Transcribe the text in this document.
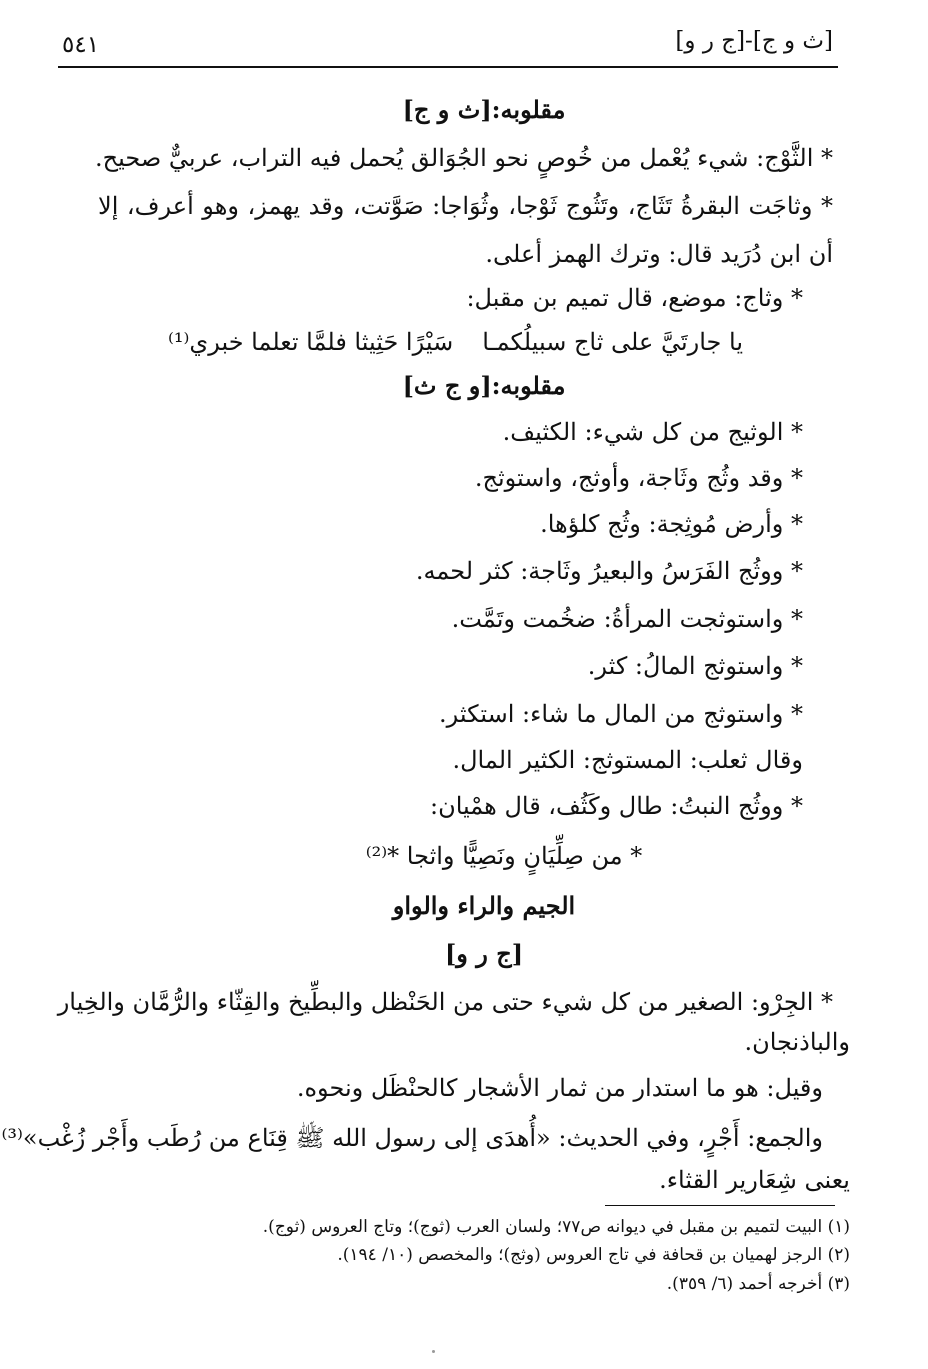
[ث و ج]-[ج ر و]
٥٤١
مقلوبه:[ث و ج]
* الثَّوْج: شيء يُعْمل من خُوصٍ نحو الجُوَالق يُحمل فيه التراب، عربيٌّ صحيح.
* وثاجَت البقرةُ تَثَاج، وتَثُوج ثَوْجا، وثُوَاجا: صَوَّتت، وقد يهمز، وهو أعرف، إلا
أن ابن دُرَيد قال: وترك الهمز أعلى.
* وثاج: موضع، قال تميم بن مقبل:
يا جارتَيَّ على ثاج سبيلُكمـا
سَيْرًا حَثِيثا فلمَّا تعلما خبري⁽¹⁾
مقلوبه:[و ج ث]
* الوثيج من كل شيء: الكثيف.
* وقد وثُج وثَاجة، وأوثج، واستوثج.
* وأرض مُوثِجة: وثُج كلؤها.
* ووثُج الفَرَسُ والبعيرُ وثَاجة: كثر لحمه.
* واستوثجت المرأةُ: ضخُمت وتَمَّت.
* واستوثج المالُ: كثر.
* واستوثج من المال ما شاء: استكثر.
وقال ثعلب: المستوثج: الكثير المال.
* ووثُج النبتُ: طال وكَثُف، قال همْيان:
* من صِلِّيَانٍ ونَصِيًّا واثجا *⁽²⁾
الجيم والراء والواو
[ج ر و]
* الجِرْو: الصغير من كل شيء حتى من الحَنْظل والبطِّيخ والقِثّاء والرُّمَّان والخِيار
والباذنجان.
وقيل: هو ما استدار من ثمار الأشجار كالحنْظَل ونحوه.
والجمع: أَجْرٍ، وفي الحديث: «أُهدَى إلى رسول الله ﷺ قِنَاع من رُطَب وأَجْر زُغْب»⁽³⁾
يعنى شِعَارير القثاء.
(١) البيت لتميم بن مقبل في ديوانه ص٧٧؛ ولسان العرب (ثوج)؛ وتاج العروس (ثوج).
(٢) الرجز لهميان بن قحافة في تاج العروس (وثج)؛ والمخصص (١٠/ ١٩٤).
(٣) أخرجه أحمد (٦/ ٣٥٩).
